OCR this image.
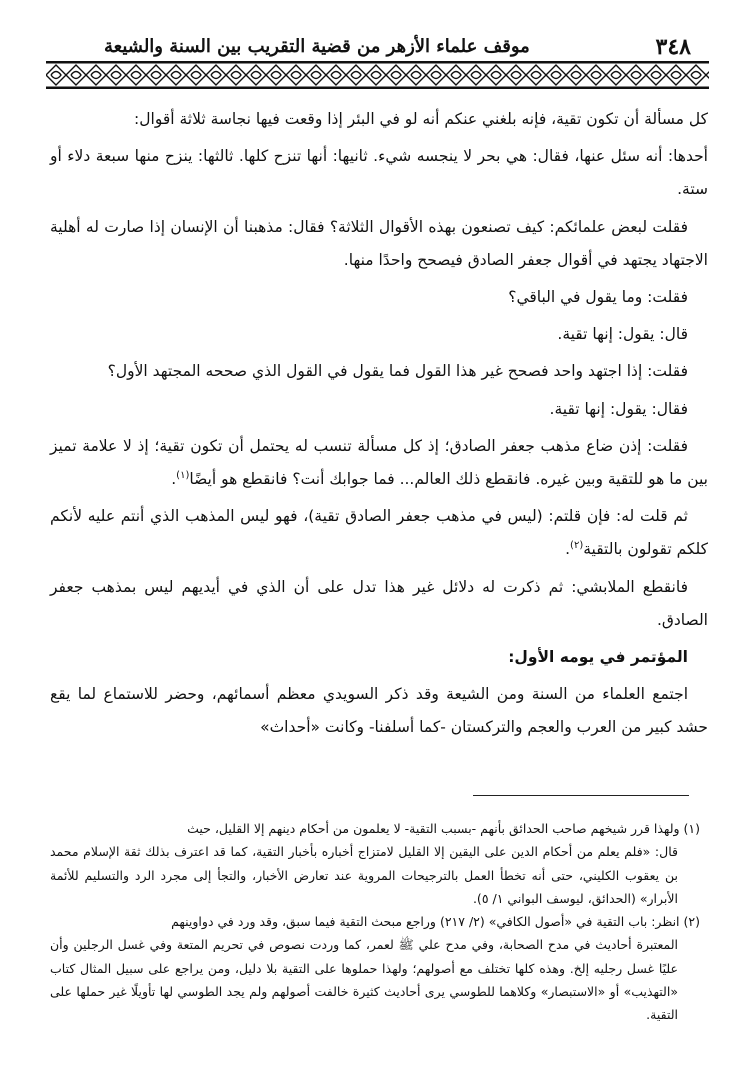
٣٤٨
موقف علماء الأزهر من قضية التقريب بين السنة والشيعة

كل مسألة أن تكون تقية، فإنه بلغني عنكم أنه لو في البئر إذا وقعت فيها نجاسة ثلاثة أقوال:

أحدها: أنه سئل عنها، فقال: هي بحر لا ينجسه شيء. ثانيها: أنها تنزح كلها. ثالثها: ينزح منها سبعة دلاء أو ستة.

فقلت لبعض علمائكم: كيف تصنعون بهذه الأقوال الثلاثة؟ فقال: مذهبنا أن الإنسان إذا صارت له أهلية الاجتهاد يجتهد في أقوال جعفر الصادق فيصحح واحدًا منها.

فقلت: وما يقول في الباقي؟

قال: يقول: إنها تقية.

فقلت: إذا اجتهد واحد فصحح غير هذا القول فما يقول في القول الذي صححه المجتهد الأول؟

فقال: يقول: إنها تقية.

فقلت: إذن ضاع مذهب جعفر الصادق؛ إذ كل مسألة تنسب له يحتمل أن تكون تقية؛ إذ لا علامة تميز بين ما هو للتقية وبين غيره. فانقطع ذلك العالم... فما جوابك أنت؟ فانقطع هو أيضًا$^{(١)}$.

ثم قلت له: فإن قلتم: (ليس في مذهب جعفر الصادق تقية)، فهو ليس المذهب الذي أنتم عليه لأنكم كلكم تقولون بالتقية$^{(٢)}$.

فانقطع الملابشي: ثم ذكرت له دلائل غير هذا تدل على أن الذي في أيديهم ليس بمذهب جعفر الصادق.

المؤتمر في يومه الأول:

اجتمع العلماء من السنة ومن الشيعة وقد ذكر السويدي معظم أسمائهم، وحضر للاستماع لما يقع حشد كبير من العرب والعجم والتركستان -كما أسلفنا- وكانت «أحداث»

(١) ولهذا قرر شيخهم صاحب الحدائق بأنهم -بسبب التقية- لا يعلمون من أحكام دينهم إلا القليل، حيث

قال: «فلم يعلم من أحكام الدين على اليقين إلا القليل لامتزاج أخباره بأخبار التقية، كما قد اعترف بذلك ثقة الإسلام محمد بن يعقوب الكليني، حتى أنه تخطأ العمل بالترجيحات المروية عند تعارض الأخبار، والتجأ إلى مجرد الرد والتسليم للأئمة الأبرار» (الحدائق، ليوسف البواني ١/ ٥).

(٢) انظر: باب التقية في «أصول الكافي» (٢/ ٢١٧) وراجع مبحث التقية فيما سبق، وقد ورد في دواوينهم

المعتبرة أحاديث في مدح الصحابة، وفي مدح علي ﷺ لعمر، كما وردت نصوص في تحريم المتعة وفي غسل الرجلين وأن عليًا غسل رجليه إلخ. وهذه كلها تختلف مع أصولهم؛ ولهذا حملوها على التقية بلا دليل، ومن يراجع على سبيل المثال كتاب «التهذيب» أو «الاستبصار» وكلاهما للطوسي يرى أحاديث كثيرة خالفت أصولهم ولم يجد الطوسي لها تأويلًا غير حملها على التقية.
